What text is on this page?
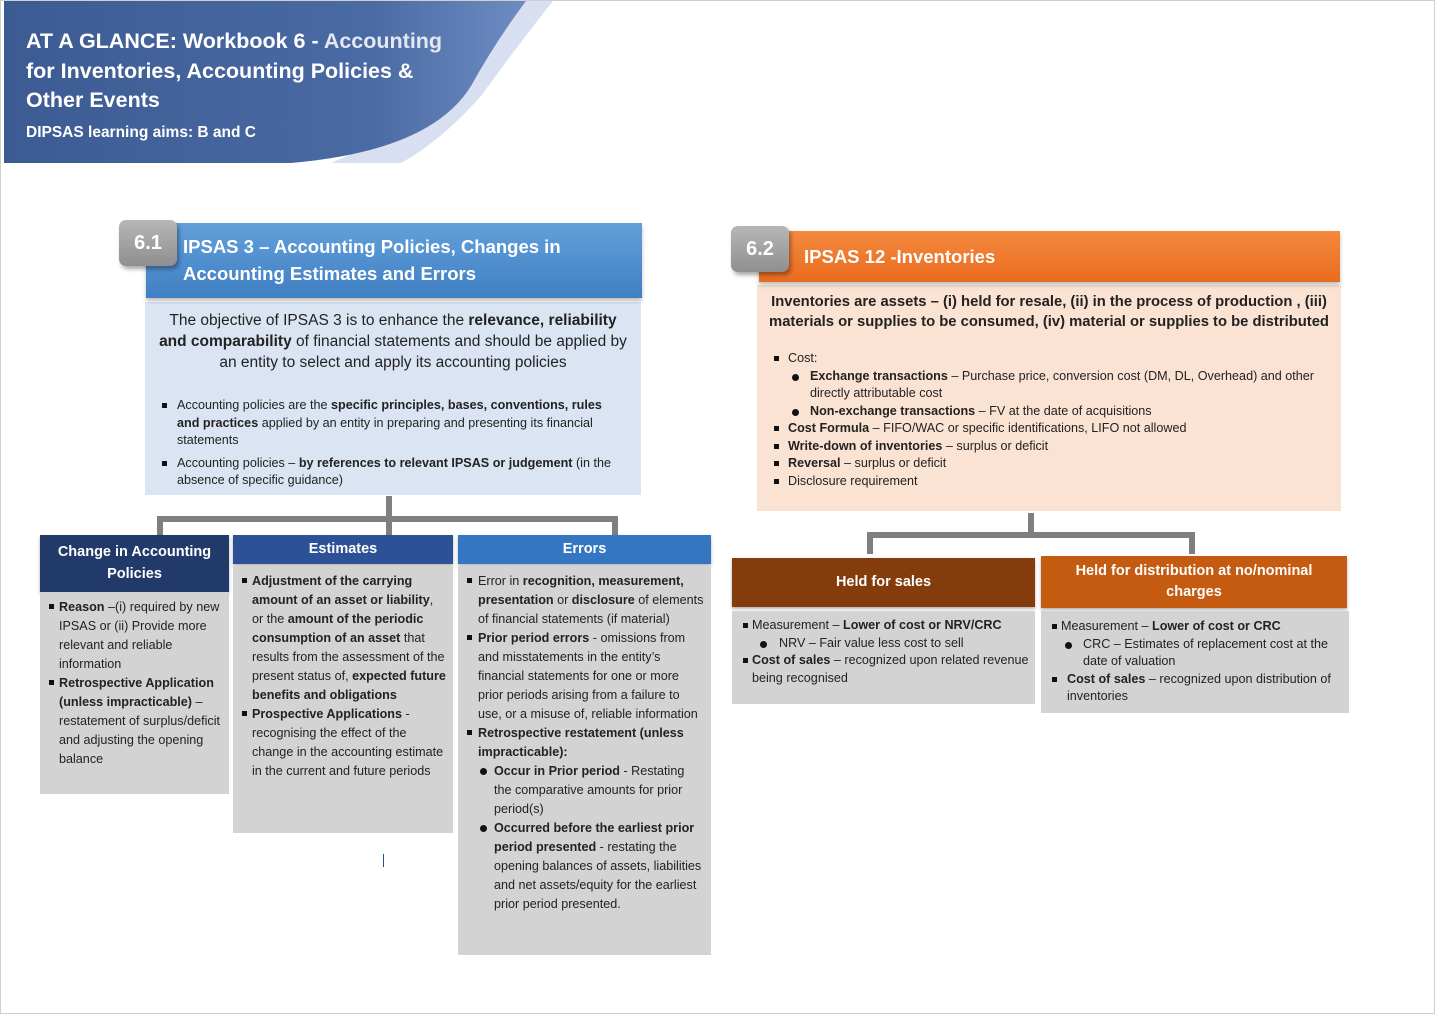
AT A GLANCE: Workbook 6 - Accounting
for Inventories, Accounting Policies &
Other Events
DIPSAS learning aims: B and C
6.1	IPSAS 3 – Accounting Policies, Changes in
Accounting Estimates and Errors
The objective of IPSAS 3 is to enhance the relevance, reliability and comparability of financial statements and should be applied by an entity to select and apply its accounting policies
Accounting policies are the specific principles, bases, conventions, rules and practices applied by an entity in preparing and presenting its financial statements
Accounting policies – by references to relevant IPSAS or judgement (in the absence of specific guidance)
Change in Accounting
Policies
Reason –(i) required by new IPSAS or (ii) Provide more relevant and reliable information
Retrospective Application (unless impracticable) – restatement of surplus/deficit and adjusting the opening balance
Estimates
Adjustment of the carrying amount of an asset or liability, or the amount of the periodic consumption of an asset that results from the assessment of the present status of, expected future benefits and obligations
Prospective Applications - recognising the effect of the change in the accounting estimate in the current and future periods
Errors
Error in recognition, measurement, presentation or disclosure of elements of financial statements (if material)
Prior period errors - omissions from and misstatements in the entity’s financial statements for one or more prior periods arising from a failure to use, or a misuse of, reliable information
Retrospective restatement (unless impracticable):
Occur in Prior period - Restating the comparative amounts for prior period(s)
Occurred before the earliest prior period presented - restating the opening balances of assets, liabilities and net assets/equity for the earliest prior period presented.
6.2	IPSAS 12 -Inventories
Inventories are assets – (i) held for resale, (ii) in the process of production , (iii) materials or supplies to be consumed, (iv) material or supplies to be distributed
Cost:
Exchange transactions – Purchase price, conversion cost (DM, DL, Overhead) and other directly attributable cost
Non-exchange transactions – FV at the date of acquisitions
Cost Formula – FIFO/WAC or specific identifications, LIFO not allowed
Write-down of inventories – surplus or deficit
Reversal – surplus or deficit
Disclosure requirement
Held for sales
Measurement – Lower of cost or NRV/CRC
NRV – Fair value less cost to sell
Cost of sales – recognized upon related revenue being recognised
Held for distribution at no/nominal
charges
Measurement – Lower of cost or CRC
CRC – Estimates of replacement cost at the date of valuation
Cost of sales – recognized upon distribution of inventories
